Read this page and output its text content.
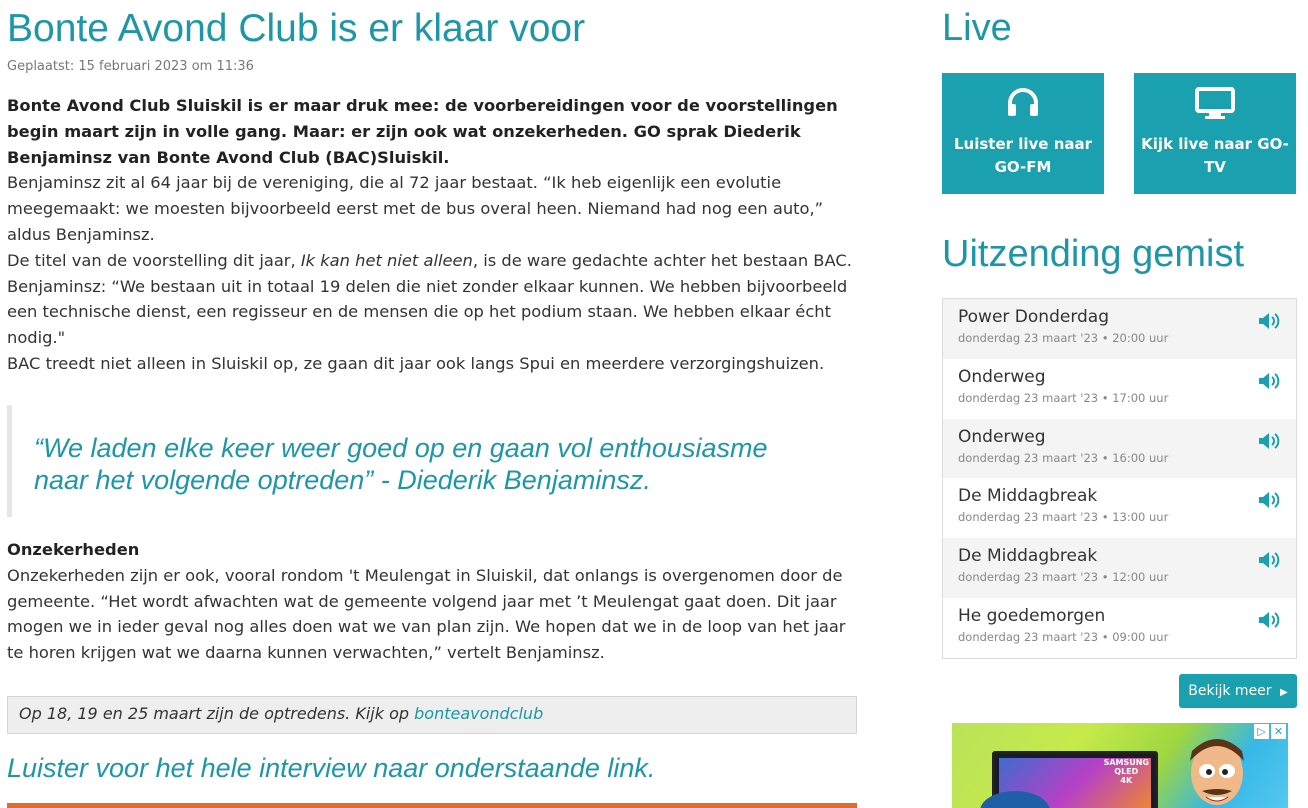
Bonte Avond Club is er klaar voor
Geplaatst: 15 februari 2023 om 11:36

Bonte Avond Club Sluiskil is er maar druk mee: de voorbereidingen voor de voorstellingen begin maart zijn in volle gang. Maar: er zijn ook wat onzekerheden. GO sprak Diederik Benjaminsz van Bonte Avond Club (BAC)Sluiskil.

Benjaminsz zit al 64 jaar bij de vereniging, die al 72 jaar bestaat. “Ik heb eigenlijk een evolutie meegemaakt: we moesten bijvoorbeeld eerst met de bus overal heen. Niemand had nog een auto,” aldus Benjaminsz.

De titel van de voorstelling dit jaar, Ik kan het niet alleen, is de ware gedachte achter het bestaan BAC. Benjaminsz: “We bestaan uit in totaal 19 delen die niet zonder elkaar kunnen. We hebben bijvoorbeeld een technische dienst, een regisseur en de mensen die op het podium staan. We hebben elkaar écht nodig."

BAC treedt niet alleen in Sluiskil op, ze gaan dit jaar ook langs Spui en meerdere verzorgingshuizen.

“We laden elke keer weer goed op en gaan vol enthousiasme naar het volgende optreden” - Diederik Benjaminsz.

Onzekerheden

Onzekerheden zijn er ook, vooral rondom 't Meulengat in Sluiskil, dat onlangs is overgenomen door de gemeente. “Het wordt afwachten wat de gemeente volgend jaar met ’t Meulengat gaat doen. Dit jaar mogen we in ieder geval nog alles doen wat we van plan zijn. We hopen dat we in de loop van het jaar te horen krijgen wat we daarna kunnen verwachten,” vertelt Benjaminsz.

Op 18, 19 en 25 maart zijn de optredens. Kijk op bonteavondclub
Luister voor het hele interview naar onderstaande link.
Live
Luister live naar GO-FM
Kijk live naar GO-TV
Uitzending gemist
Power Donderdag
donderdag 23 maart '23 • 20:00 uur
Onderweg
donderdag 23 maart '23 • 17:00 uur
Onderweg
donderdag 23 maart '23 • 16:00 uur
De Middagbreak
donderdag 23 maart '23 • 13:00 uur
De Middagbreak
donderdag 23 maart '23 • 12:00 uur
He goedemorgen
donderdag 23 maart '23 • 09:00 uur
Bekijk meer ▶
▷ ✕
SAMSUNG
QLED
4K
